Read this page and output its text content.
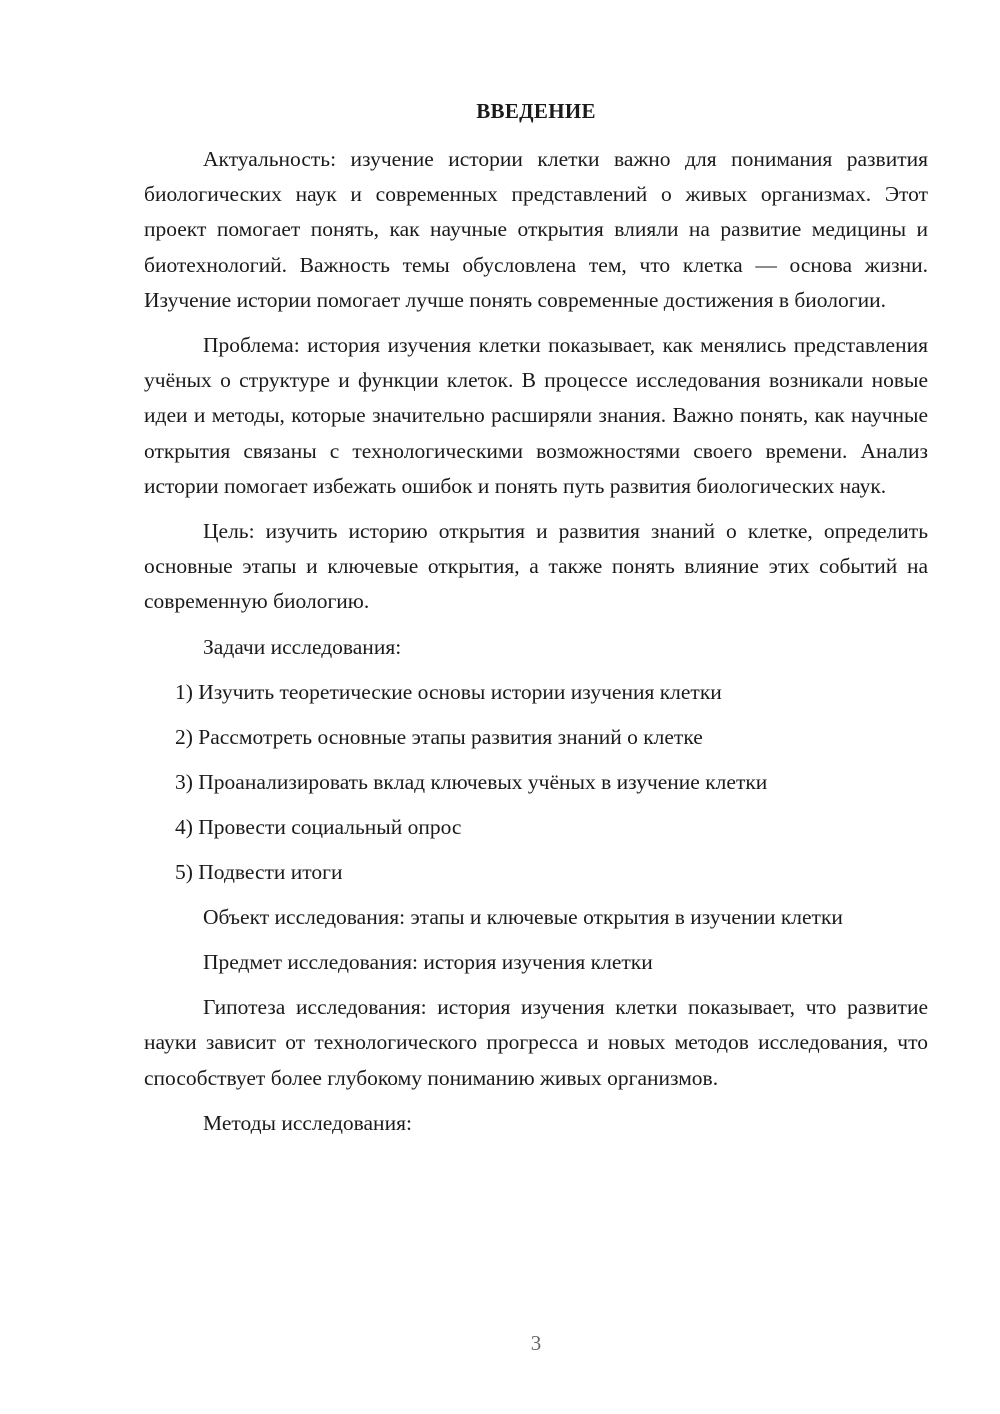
ВВЕДЕНИЕ

Актуальность: изучение истории клетки важно для понимания развития биологических наук и современных представлений о живых организмах. Этот проект помогает понять, как научные открытия влияли на развитие медицины и биотехнологий. Важность темы обусловлена тем, что клетка — основа жизни. Изучение истории помогает лучше понять современные достижения в биологии.

Проблема: история изучения клетки показывает, как менялись представления учёных о структуре и функции клеток. В процессе исследования возникали новые идеи и методы, которые значительно расширяли знания. Важно понять, как научные открытия связаны с технологическими возможностями своего времени. Анализ истории помогает избежать ошибок и понять путь развития биологических наук.

Цель: изучить историю открытия и развития знаний о клетке, определить основные этапы и ключевые открытия, а также понять влияние этих событий на современную биологию.

Задачи исследования:

1) Изучить теоретические основы истории изучения клетки
2) Рассмотреть основные этапы развития знаний о клетке
3) Проанализировать вклад ключевых учёных в изучение клетки
4) Провести социальный опрос
5) Подвести итоги

Объект исследования: этапы и ключевые открытия в изучении клетки

Предмет исследования: история изучения клетки

Гипотеза исследования: история изучения клетки показывает, что развитие науки зависит от технологического прогресса и новых методов исследования, что способствует более глубокому пониманию живых организмов.

Методы исследования:

3
